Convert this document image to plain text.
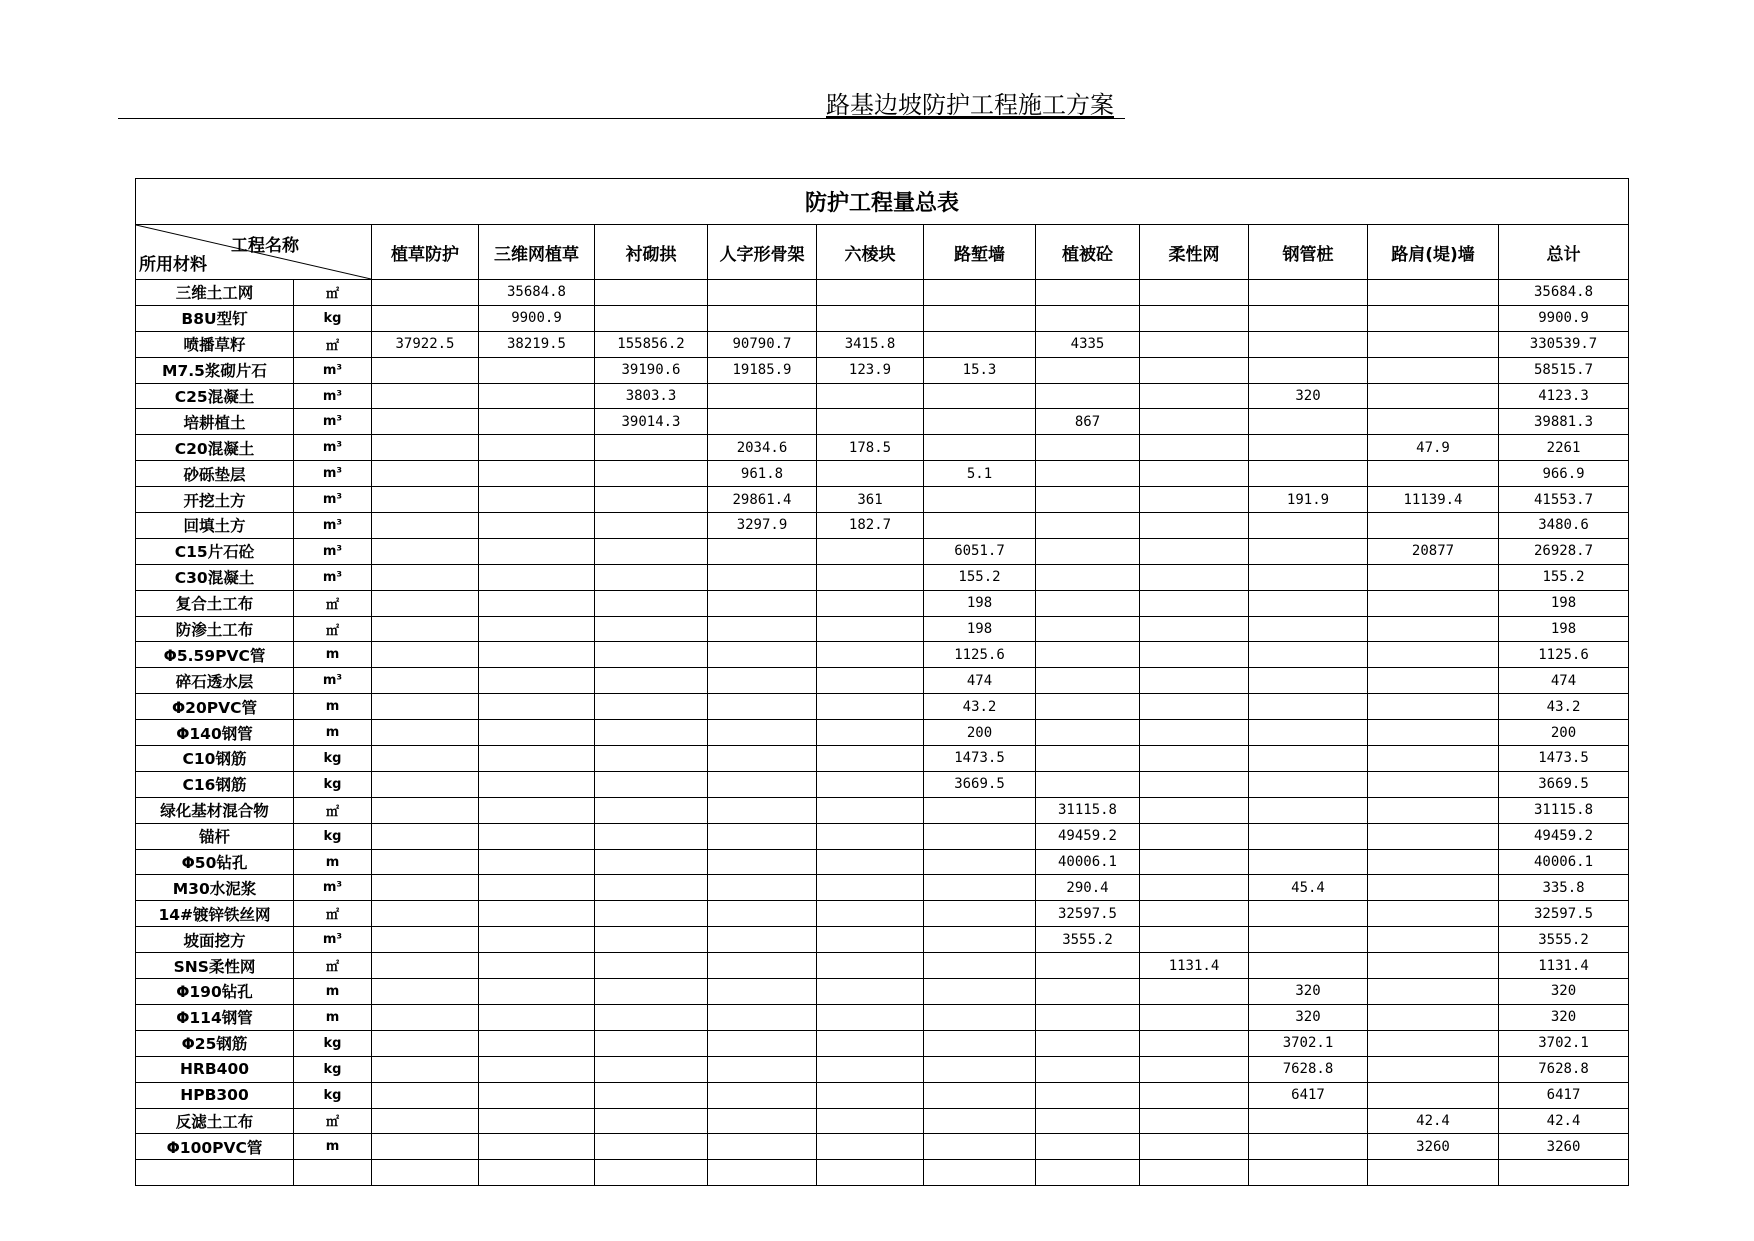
路基边坡防护工程施工方案
防护工程量总表												

工程名称
所用材料		植草防护	三维网植草	衬砌拱	人字形骨架	六棱块	路堑墙	植被砼	柔性网	钢管桩	路肩(堤)墙	总计
三维土工网	㎡		35684.8									35684.8
B8U型钉	kg		9900.9									9900.9
喷播草籽	㎡	37922.5	38219.5	155856.2	90790.7	3415.8		4335				330539.7
M7.5浆砌片石	m³			39190.6	19185.9	123.9	15.3					58515.7
C25混凝土	m³			3803.3						320		4123.3
培耕植土	m³			39014.3				867				39881.3
C20混凝土	m³				2034.6	178.5					47.9	2261
砂砾垫层	m³				961.8		5.1					966.9
开挖土方	m³				29861.4	361				191.9	11139.4	41553.7
回填土方	m³				3297.9	182.7						3480.6
C15片石砼	m³						6051.7				20877	26928.7
C30混凝土	m³						155.2					155.2
复合土工布	㎡						198					198
防渗土工布	㎡						198					198
Φ5.59PVC管	m						1125.6					1125.6
碎石透水层	m³						474					474
Φ20PVC管	m						43.2					43.2
Φ140钢管	m						200					200
C10钢筋	kg						1473.5					1473.5
C16钢筋	kg						3669.5					3669.5
绿化基材混合物	㎡							31115.8				31115.8
锚杆	kg							49459.2				49459.2
Φ50钻孔	m							40006.1				40006.1
M30水泥浆	m³							290.4		45.4		335.8
14#镀锌铁丝网	㎡							32597.5				32597.5
坡面挖方	m³							3555.2				3555.2
SNS柔性网	㎡								1131.4			1131.4
Φ190钻孔	m									320		320
Φ114钢管	m									320		320
Φ25钢筋	kg									3702.1		3702.1
HRB400	kg									7628.8		7628.8
HPB300	kg									6417		6417
反滤土工布	㎡										42.4	42.4
Φ100PVC管	m										3260	3260
